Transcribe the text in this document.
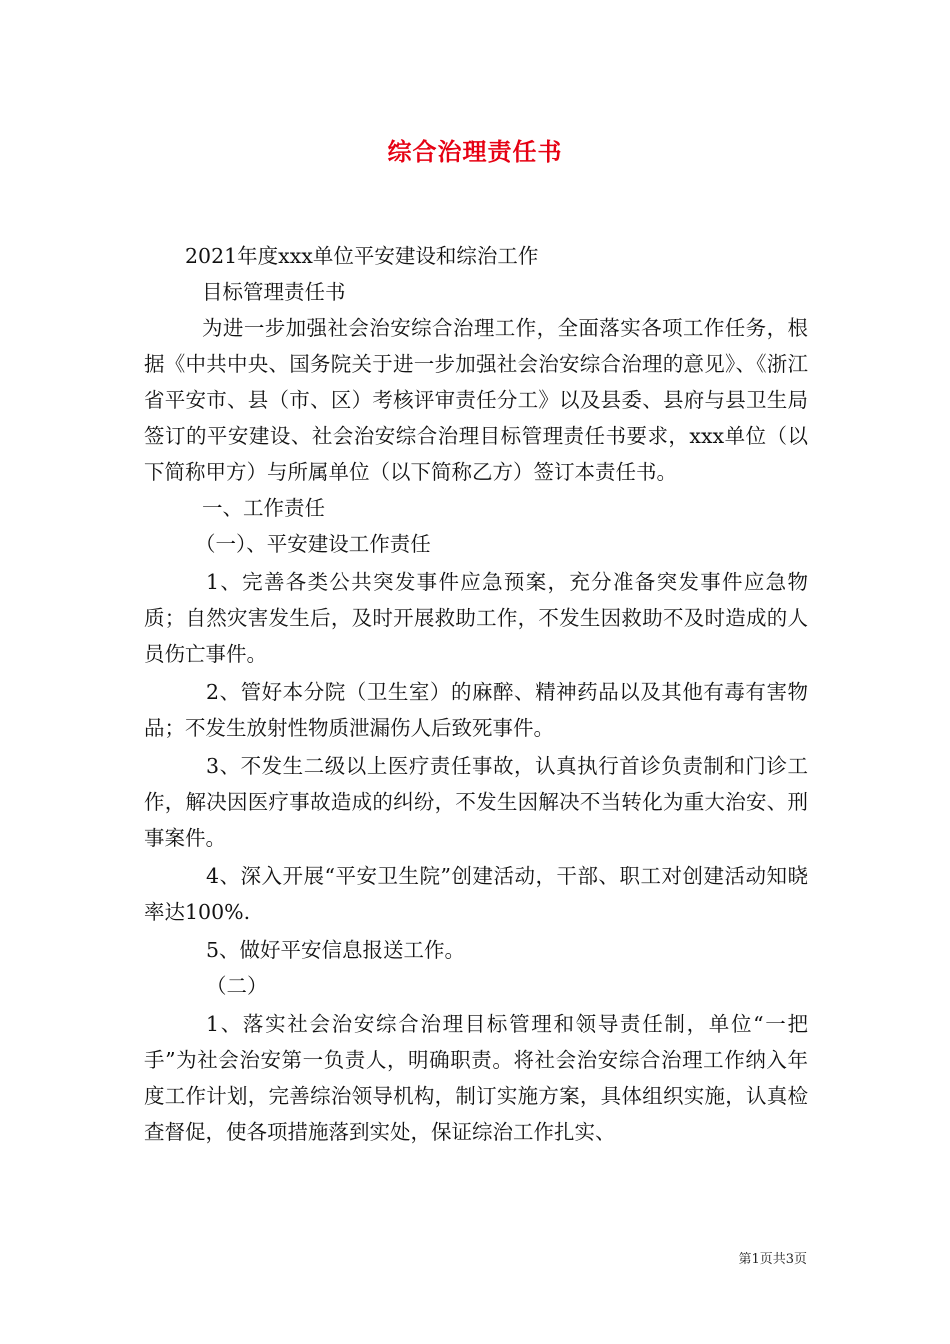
综合治理责任书

2021年度xxx单位平安建设和综治工作

目标管理责任书

为进一步加强社会治安综合治理工作，全面落实各项工作任务，根据《中共中央、国务院关于进一步加强社会治安综合治理的意见》、《浙江省平安市、县（市、区）考核评审责任分工》以及县委、县府与县卫生局签订的平安建设、社会治安综合治理目标管理责任书要求，xxx单位（以下简称甲方）与所属单位（以下简称乙方）签订本责任书。

一、工作责任

（一）、平安建设工作责任

1、完善各类公共突发事件应急预案，充分准备突发事件应急物质；自然灾害发生后，及时开展救助工作，不发生因救助不及时造成的人员伤亡事件。

2、管好本分院（卫生室）的麻醉、精神药品以及其他有毒有害物品；不发生放射性物质泄漏伤人后致死事件。

3、不发生二级以上医疗责任事故，认真执行首诊负责制和门诊工作，解决因医疗事故造成的纠纷，不发生因解决不当转化为重大治安、刑事案件。

4、深入开展“平安卫生院”创建活动，干部、职工对创建活动知晓率达100%.

5、做好平安信息报送工作。

（二）

1、落实社会治安综合治理目标管理和领导责任制，单位“一把手”为社会治安第一负责人，明确职责。将社会治安综合治理工作纳入年度工作计划，完善综治领导机构，制订实施方案，具体组织实施，认真检查督促，使各项措施落到实处，保证综治工作扎实、

第1页共3页
